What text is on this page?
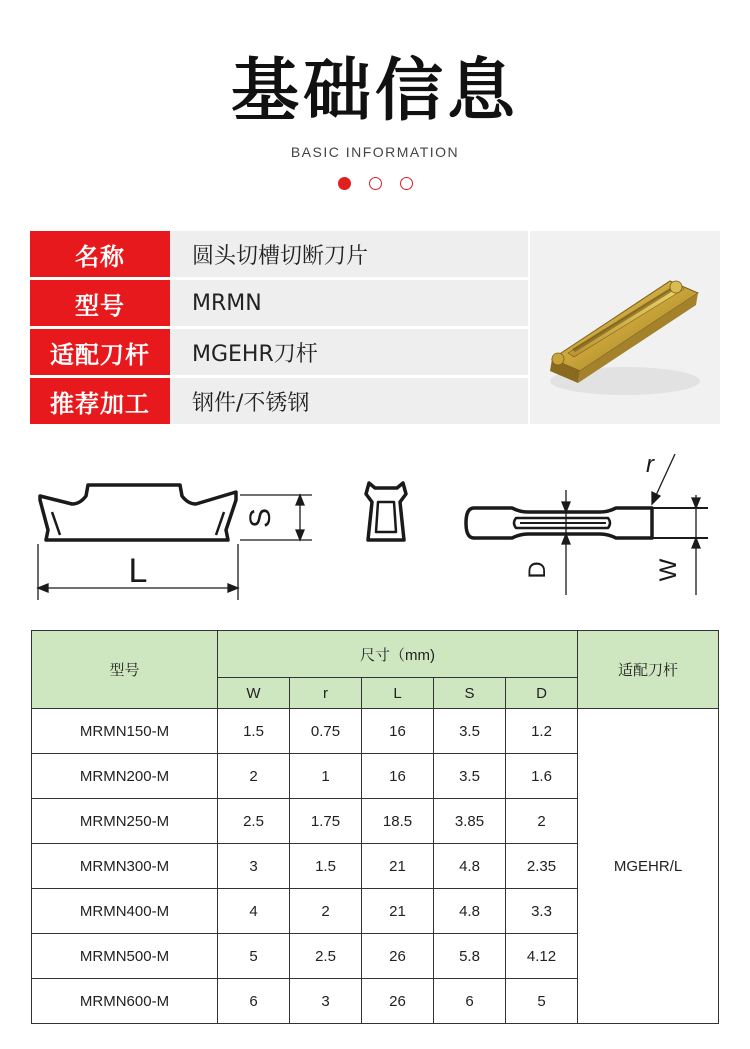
基础信息
BASIC INFORMATION
名称	圆头切槽切断刀片
型号	MRMN
适配刀杆	MGEHR刀杆
推荐加工	钢件/不锈钢
L
S
D	W
r
型号	尺寸（mm)					适配刀杆
	W	r	L	S	D	
MRMN150-M	1.5	0.75	16	3.5	1.2	MGEHR/L
MRMN200-M	2	1	16	3.5	1.6	
MRMN250-M	2.5	1.75	18.5	3.85	2	
MRMN300-M	3	1.5	21	4.8	2.35	
MRMN400-M	4	2	21	4.8	3.3	
MRMN500-M	5	2.5	26	5.8	4.12	
MRMN600-M	6	3	26	6	5	
